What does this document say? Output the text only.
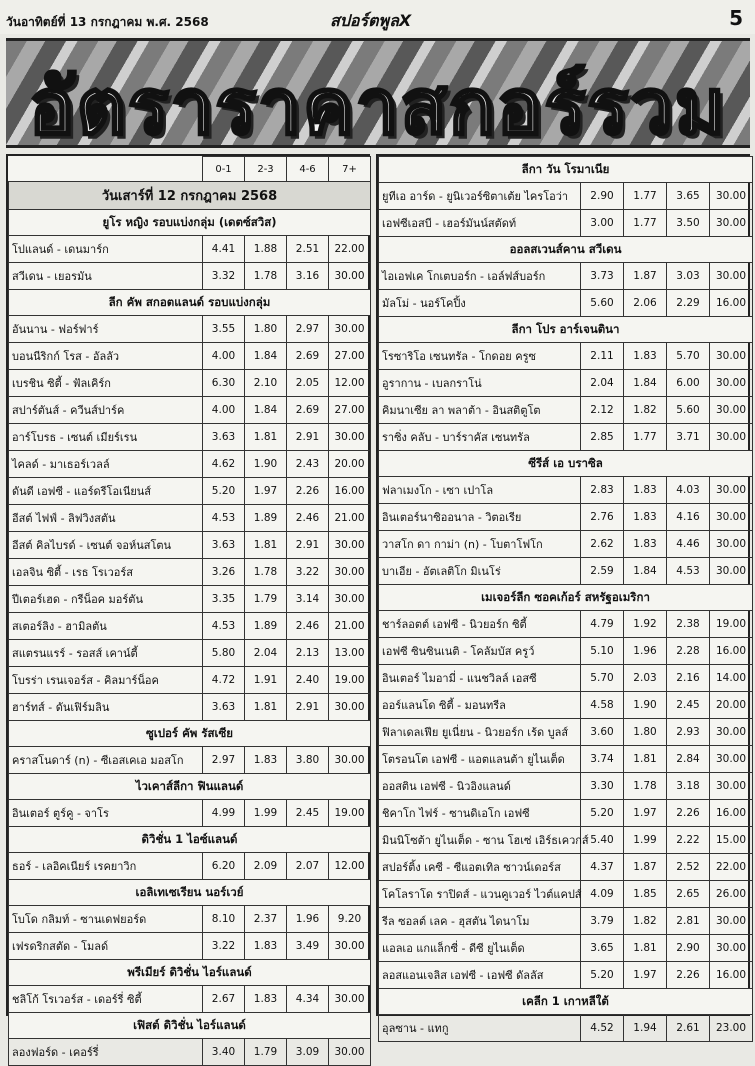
วันอาทิตย์ที่ 13 กรกฎาคม พ.ศ. 2568	สปอร์ตพูลX	5
อัตราราคาสกอร์รวม
	0-1	2-3	4-6	7+
วันเสาร์ที่ 12 กรกฎาคม 2568				
ยูโร หญิง รอบแบ่งกลุ่ม (เดตซ์สวิส)				
โปแลนด์ - เดนมาร์ก	4.41	1.88	2.51	22.00
สวีเดน - เยอรมัน	3.32	1.78	3.16	30.00
ลีก คัพ สกอตแลนด์ รอบแบ่งกลุ่ม				
อันนาน - ฟอร์ฟาร์	3.55	1.80	2.97	30.00
บอนนีริกก์ โรส - อัลลัว	4.00	1.84	2.69	27.00
เบรชิน ซิตี้ - ฟัลเคิร์ก	6.30	2.10	2.05	12.00
สปาร์ตันส์ - ควีนส์ปาร์ค	4.00	1.84	2.69	27.00
อาร์โบรธ - เซนต์ เมียร์เรน	3.63	1.81	2.91	30.00
ไคลด์ - มาเธอร์เวลล์	4.62	1.90	2.43	20.00
ดันดี เอฟซี - แอร์ดรีโอเนียนส์	5.20	1.97	2.26	16.00
อีสต์ ไฟฟ์ - ลิฟวิงสตัน	4.53	1.89	2.46	21.00
อีสต์ คิลไบรด์ - เซนต์ จอห์นสโตน	3.63	1.81	2.91	30.00
เอลจิน ซิตี้ - เรธ โรเวอร์ส	3.26	1.78	3.22	30.00
ปีเตอร์เฮด - กรีน็อค มอร์ตัน	3.35	1.79	3.14	30.00
สเตอร์ลิง - ฮามิลตัน	4.53	1.89	2.46	21.00
สแตรนแรร์ - รอสส์ เคาน์ตี้	5.80	2.04	2.13	13.00
โบรร่า เรนเจอร์ส - คิลมาร์น็อค	4.72	1.91	2.40	19.00
ฮาร์ทส์ - ดันเฟิร์มลิน	3.63	1.81	2.91	30.00
ซูเปอร์ คัพ รัสเซีย				
คราสโนดาร์ (n) - ซีเอสเคเอ มอสโก	2.97	1.83	3.80	30.00
ไวเคาส์ลีกา ฟินแลนด์				
อินเตอร์ ตูร์คู - จาโร	4.99	1.99	2.45	19.00
ดิวิชั่น 1 ไอซ์แลนด์				
ธอร์ - เลอิคเนียร์ เรคยาวิก	6.20	2.09	2.07	12.00
เอลิเทเซเรียน นอร์เวย์				
โบโด กลิมท์ - ซานเดฟยอร์ด	8.10	2.37	1.96	9.20
เฟรดริกสตัด - โมลด์	3.22	1.83	3.49	30.00
พรีเมียร์ ดิวิชั่น ไอร์แลนด์				
ชลิโก้ โรเวอร์ส - เดอร์รี่ ซิตี้	2.67	1.83	4.34	30.00
เฟิสต์ ดิวิชั่น ไอร์แลนด์				
ลองฟอร์ด - เคอร์รี่	3.40	1.79	3.09	30.00
ลีกา วัน โรมาเนีย				
ยูทีเอ อาร์ด - ยูนิเวอร์ซิตาเต้ย ไครโอว่า	2.90	1.77	3.65	30.00
เอฟซีเอสบี - เฮอร์มันน์สตัดท์	3.00	1.77	3.50	30.00
ออลสเวนส์คาน สวีเดน				
ไอเอฟเค โกเตบอร์ก - เอล์ฟส์บอร์ก	3.73	1.87	3.03	30.00
มัลโม่ - นอร์โคปิ้ง	5.60	2.06	2.29	16.00
ลีกา โปร อาร์เจนตินา				
โรซาริโอ เซนทรัล - โกดอย ครูซ	2.11	1.83	5.70	30.00
อูรากาน - เบลกราโน่	2.04	1.84	6.00	30.00
คิมนาเซีย ลา พลาต้า - อินสติตูโต	2.12	1.82	5.60	30.00
ราซิ่ง คลับ - บาร์ราคัส เซนทรัล	2.85	1.77	3.71	30.00
ซีรีส์ เอ บราซิล				
ฟลาเมงโก - เซา เปาโล	2.83	1.83	4.03	30.00
อินเตอร์นาซิออนาล - วิตอเรีย	2.76	1.83	4.16	30.00
วาสโก ดา กาม่า (n) - โบตาโฟโก	2.62	1.83	4.46	30.00
บาเอีย - อัตเลติโก มิเนโร่	2.59	1.84	4.53	30.00
เมเจอร์ลีก ซอคเก้อร์ สหรัฐอเมริกา				
ชาร์ลอตต์ เอฟซี - นิวยอร์ก ซิตี้	4.79	1.92	2.38	19.00
เอฟซี ซินซินเนติ - โคลัมบัส ครูว์	5.10	1.96	2.28	16.00
อินเตอร์ ไมอามี่ - แนชวิลล์ เอสซี	5.70	2.03	2.16	14.00
ออร์แลนโด ซิตี้ - มอนทรีล	4.58	1.90	2.45	20.00
ฟิลาเดลเฟีย ยูเนี่ยน - นิวยอร์ก เร้ด บูลส์	3.60	1.80	2.93	30.00
โตรอนโต เอฟซี - แอตแลนต้า ยูไนเต็ด	3.74	1.81	2.84	30.00
ออสติน เอฟซี - นิวอิงแลนด์	3.30	1.78	3.18	30.00
ชิคาโก ไฟร์ - ซานดิเอโก เอฟซี	5.20	1.97	2.26	16.00
มินนิโซต้า ยูไนเต็ด - ซาน โฮเซ่ เอิร์ธเควกส์	5.40	1.99	2.22	15.00
สปอร์ติ้ง เคซี - ซีแอตเทิล ซาวน์เดอร์ส	4.37	1.87	2.52	22.00
โคโลราโด ราปิดส์ - แวนคูเวอร์ ไวต์แคปส์	4.09	1.85	2.65	26.00
รีล ซอลต์ เลค - ฮุสตัน ไดนาโม	3.79	1.82	2.81	30.00
แอลเอ แกแล็กซี่ - ดีซี ยูไนเต็ด	3.65	1.81	2.90	30.00
ลอสแอนเจลิส เอฟซี - เอฟซี ดัลลัส	5.20	1.97	2.26	16.00
เคลีก 1 เกาหลีใต้				
อุลซาน - แทกู	4.52	1.94	2.61	23.00
